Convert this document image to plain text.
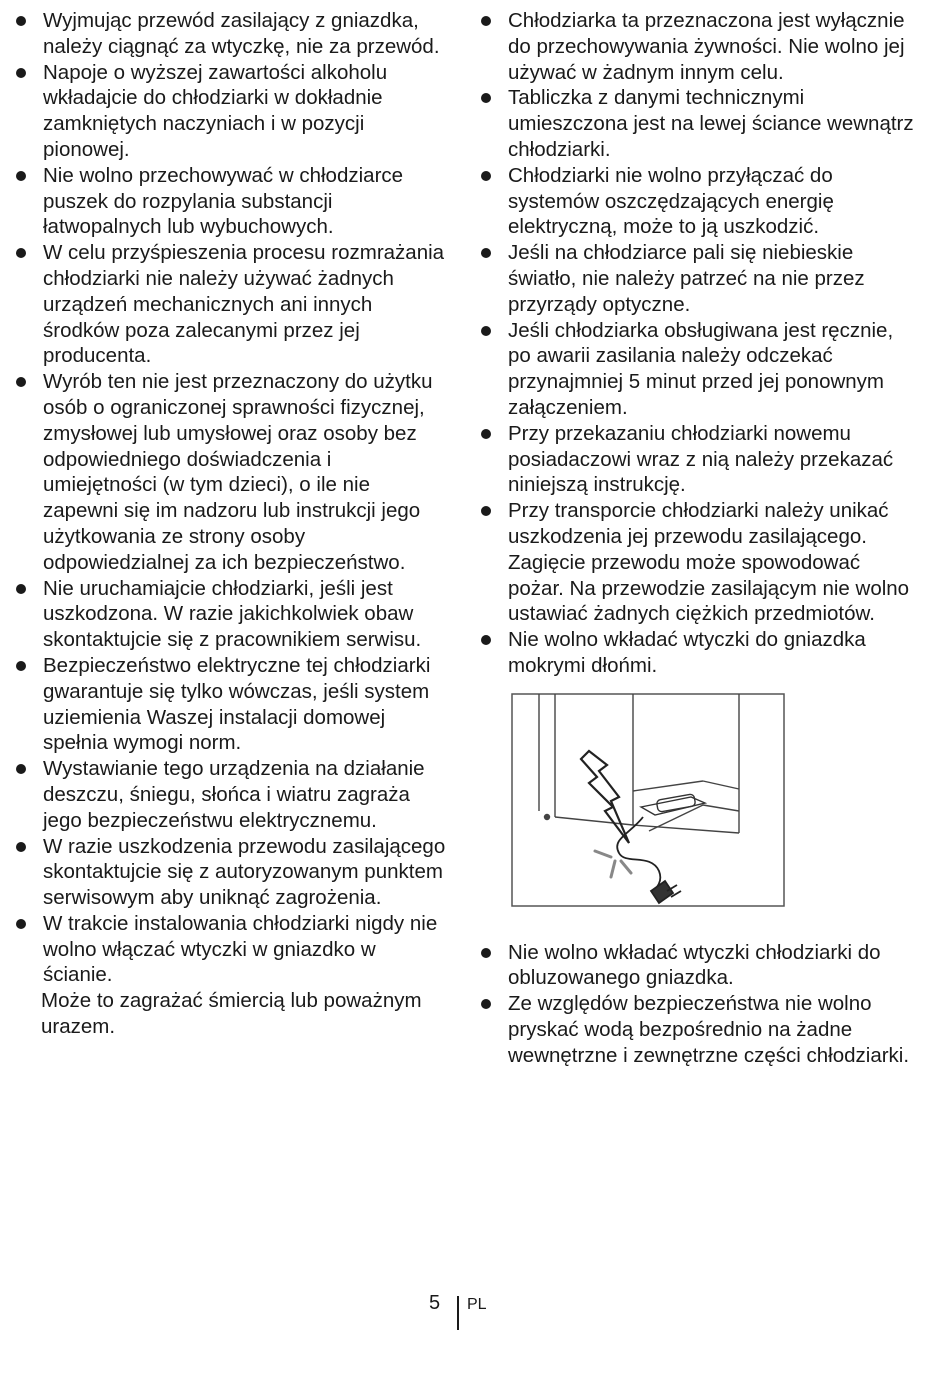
Wyjmując przewód zasilający z gniazdka, należy ciągnąć za wtyczkę, nie za przewód.
Napoje o wyższej zawartości alkoholu wkładajcie do chłodziarki w dokładnie zamkniętych naczyniach i w pozycji pionowej.
Nie wolno przechowywać w chłodziarce puszek do rozpylania substancji łatwopalnych lub wybuchowych.
W celu przyśpieszenia procesu rozmrażania chłodziarki nie należy używać żadnych urządzeń mechanicznych ani innych środków poza zalecanymi przez jej producenta.
Wyrób ten nie jest przeznaczony do użytku osób o ograniczonej sprawności fizycznej, zmysłowej lub umysłowej oraz osoby bez odpowiedniego doświadczenia i umiejętności (w tym dzieci), o ile nie zapewni się im nadzoru lub instrukcji jego użytkowania ze strony osoby odpowiedzialnej za ich bezpieczeństwo.
Nie uruchamiajcie chłodziarki, jeśli jest uszkodzona. W razie jakichkolwiek obaw skontaktujcie się z pracownikiem serwisu.
Bezpieczeństwo elektryczne tej chłodziarki gwarantuje się tylko wówczas, jeśli system uziemienia Waszej instalacji domowej spełnia wymogi norm.
Wystawianie tego urządzenia na działanie deszczu, śniegu, słońca i wiatru zagraża jego bezpieczeństwu elektrycznemu.
W razie uszkodzenia przewodu zasilającego skontaktujcie się z autoryzowanym punktem serwisowym aby uniknąć zagrożenia.
W trakcie instalowania chłodziarki nigdy nie wolno włączać wtyczki w gniazdko w ścianie.

Może to zagrażać śmiercią lub poważnym urazem.

Chłodziarka ta przeznaczona jest wyłącznie do przechowywania żywności. Nie wolno jej używać w żadnym innym celu.
Tabliczka z danymi technicznymi umieszczona jest na lewej ściance wewnątrz chłodziarki.
Chłodziarki nie wolno przyłączać do systemów oszczędzających energię elektryczną, może to ją uszkodzić.
Jeśli na chłodziarce pali się niebieskie światło, nie należy patrzeć na nie przez przyrządy optyczne.
Jeśli chłodziarka obsługiwana jest ręcznie, po awarii zasilania należy odczekać przynajmniej 5 minut przed jej ponownym załączeniem.
Przy przekazaniu chłodziarki nowemu posiadaczowi wraz z nią należy przekazać niniejszą instrukcję.
Przy transporcie chłodziarki należy unikać uszkodzenia jej przewodu zasilającego. Zagięcie przewodu może spowodować pożar. Na przewodzie zasilającym nie wolno ustawiać żadnych ciężkich przedmiotów.
Nie wolno wkładać wtyczki do gniazdka mokrymi dłońmi.
Nie wolno wkładać wtyczki chłodziarki do obluzowanego gniazdka.
Ze względów bezpieczeństwa nie wolno pryskać wodą bezpośrednio na żadne wewnętrzne i zewnętrzne części chłodziarki.
5 PL
